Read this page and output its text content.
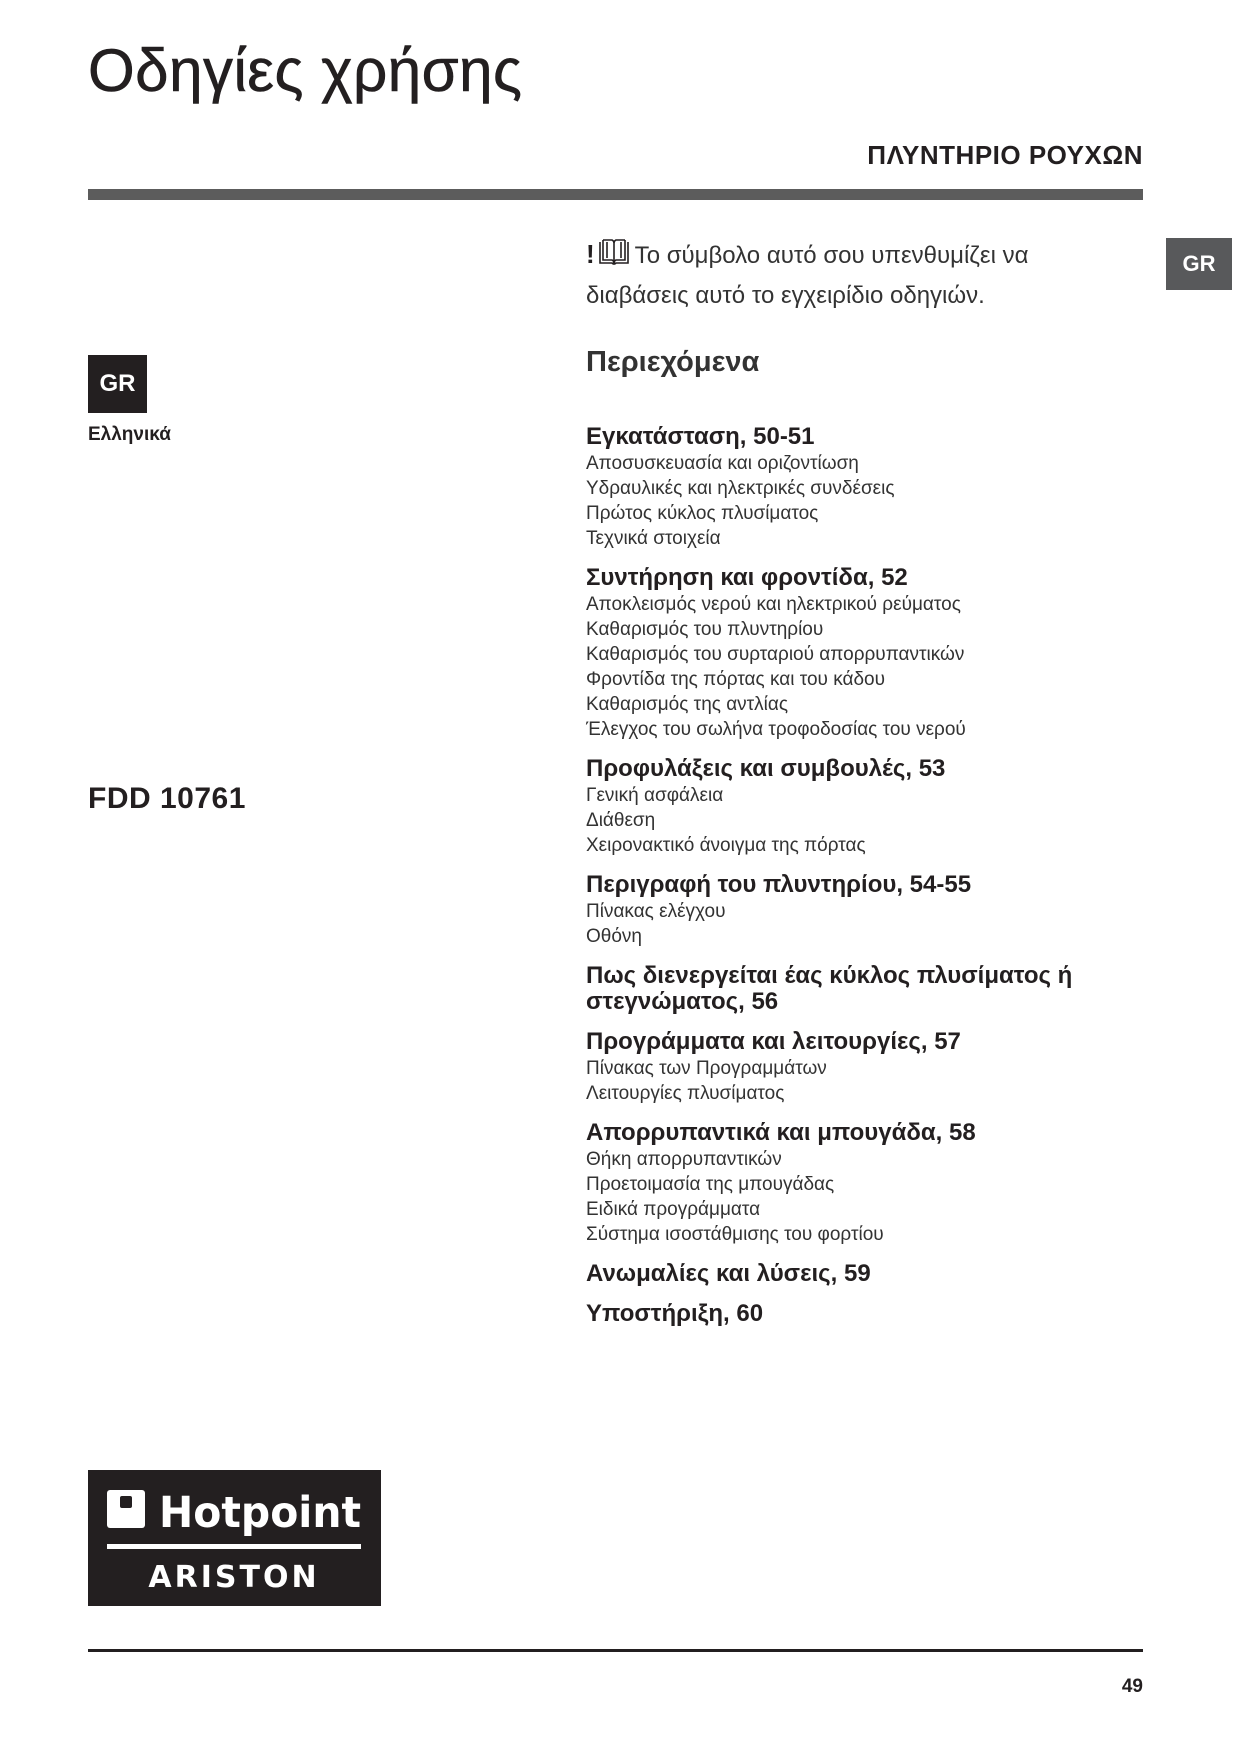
Οδηγίες χρήσης
ΠΛΥΝΤΗΡΙΟ ΡΟΥΧΩΝ
GR
GR
Ελληνικά
FDD 10761
! Το σύμβολο αυτό σου υπενθυμίζει να διαβάσεις αυτό το εγχειρίδιο οδηγιών.
Περιεχόμενα
Εγκατάσταση, 50-51
Αποσυσκευασία και οριζοντίωση
Υδραυλικές και ηλεκτρικές συνδέσεις
Πρώτος κύκλος πλυσίματος
Τεχνικά στοιχεία
Συντήρηση και φροντίδα, 52
Αποκλεισμός νερού και ηλεκτρικού ρεύματος
Καθαρισμός του πλυντηρίου
Καθαρισμός του συρταριού απορρυπαντικών
Φροντίδα της πόρτας και του κάδου
Καθαρισμός της αντλίας
Έλεγχος του σωλήνα τροφοδοσίας του νερού
Προφυλάξεις και συμβουλές, 53
Γενική ασφάλεια
Διάθεση
Χειρονακτικό άνοιγμα της πόρτας
Περιγραφή του πλυντηρίου, 54-55
Πίνακας ελέγχου
Οθόνη
Πως διενεργείται έας κύκλος πλυσίματος ή στεγνώματος, 56
Προγράμματα και λειτουργίες, 57
Πίνακας των Προγραμμάτων
Λειτουργίες πλυσίματος
Απορρυπαντικά και μπουγάδα, 58
Θήκη απορρυπαντικών
Προετοιμασία της μπουγάδας
Ειδικά προγράμματα
Σύστημα ισοστάθμισης του φορτίου
Ανωμαλίες και λύσεις, 59
Υποστήριξη, 60
Hotpoint
ARISTON
49
